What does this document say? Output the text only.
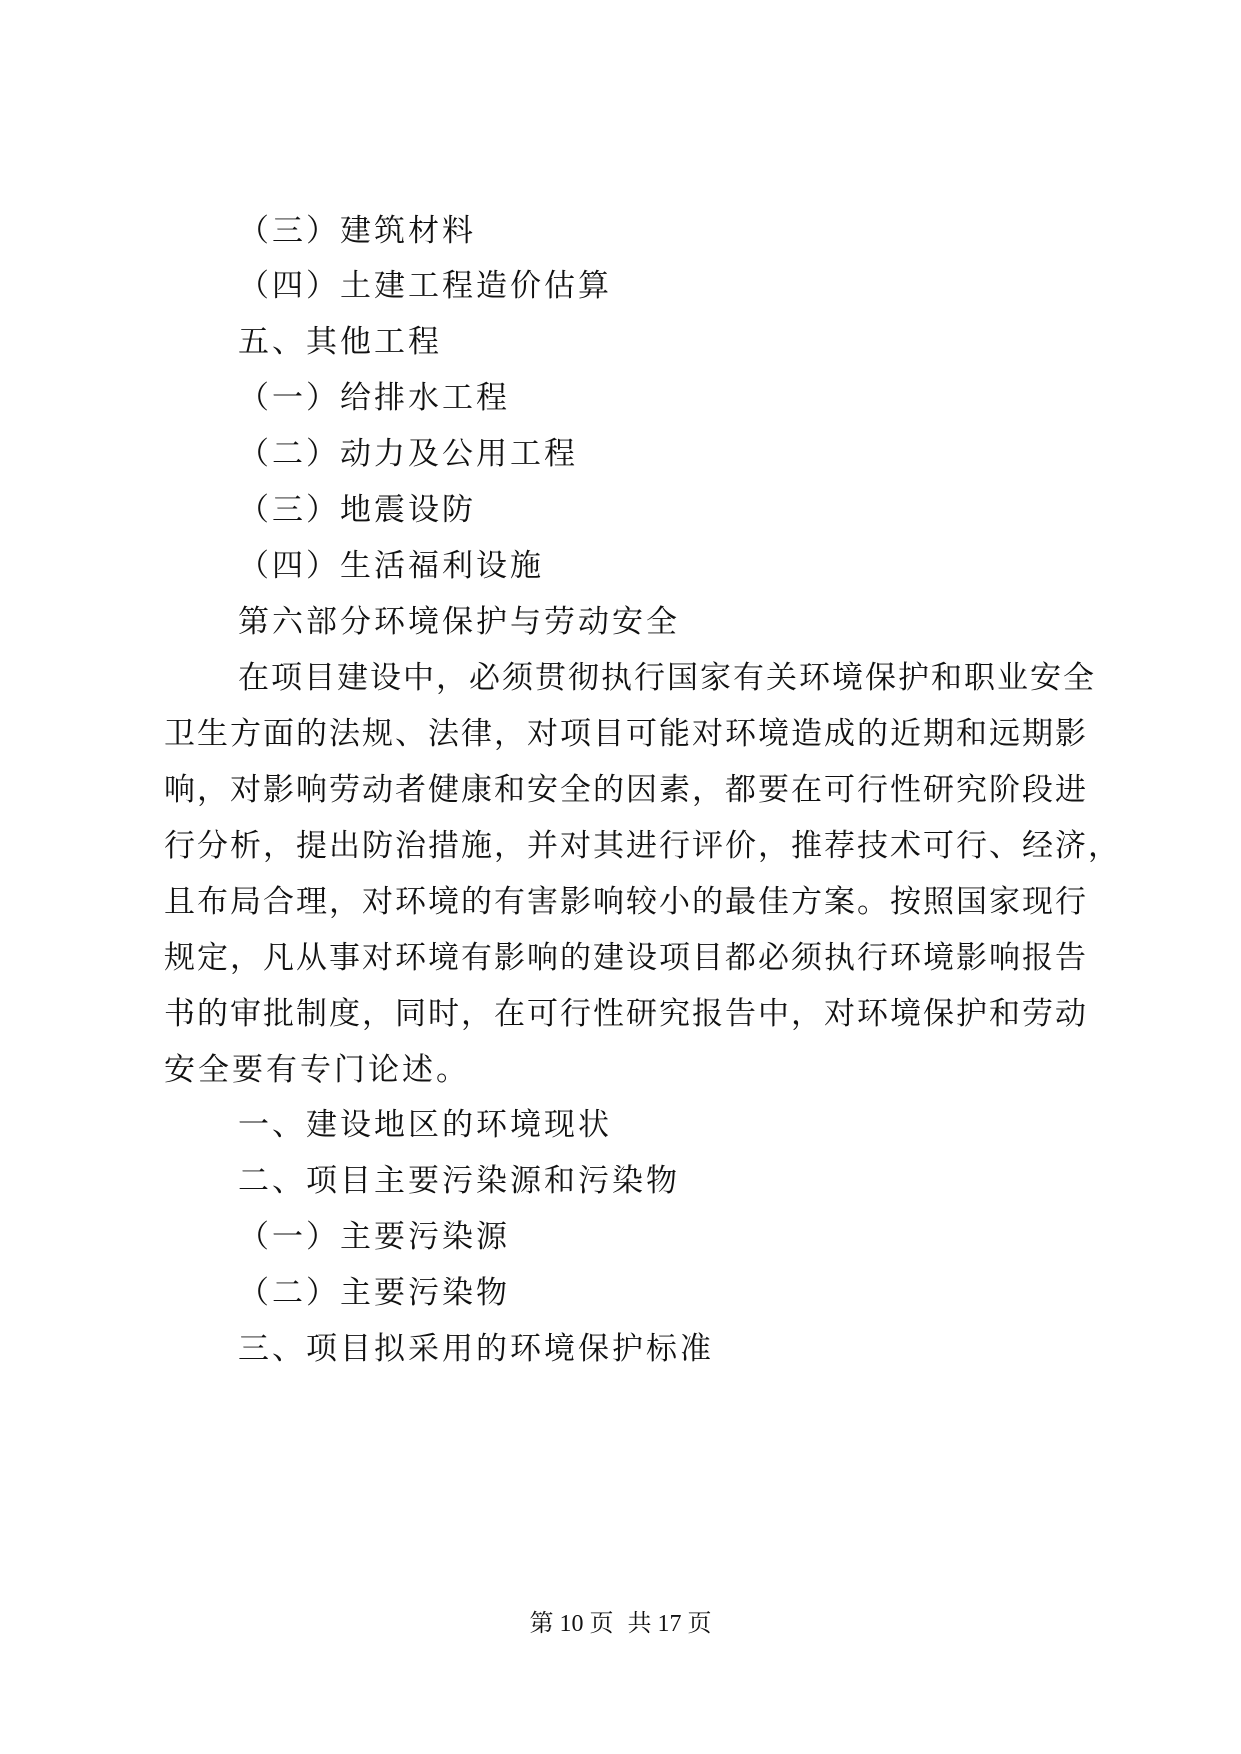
（三）建筑材料
（四）土建工程造价估算
五、其他工程
（一）给排水工程
（二）动力及公用工程
（三）地震设防
（四）生活福利设施
第六部分环境保护与劳动安全
在项目建设中，必须贯彻执行国家有关环境保护和职业安全
卫生方面的法规、法律，对项目可能对环境造成的近期和远期影
响，对影响劳动者健康和安全的因素，都要在可行性研究阶段进
行分析，提出防治措施，并对其进行评价，推荐技术可行、经济，
且布局合理，对环境的有害影响较小的最佳方案。按照国家现行
规定，凡从事对环境有影响的建设项目都必须执行环境影响报告
书的审批制度，同时，在可行性研究报告中，对环境保护和劳动
安全要有专门论述。
一、建设地区的环境现状
二、项目主要污染源和污染物
（一）主要污染源
（二）主要污染物
三、项目拟采用的环境保护标准
第 10 页 共 17 页
